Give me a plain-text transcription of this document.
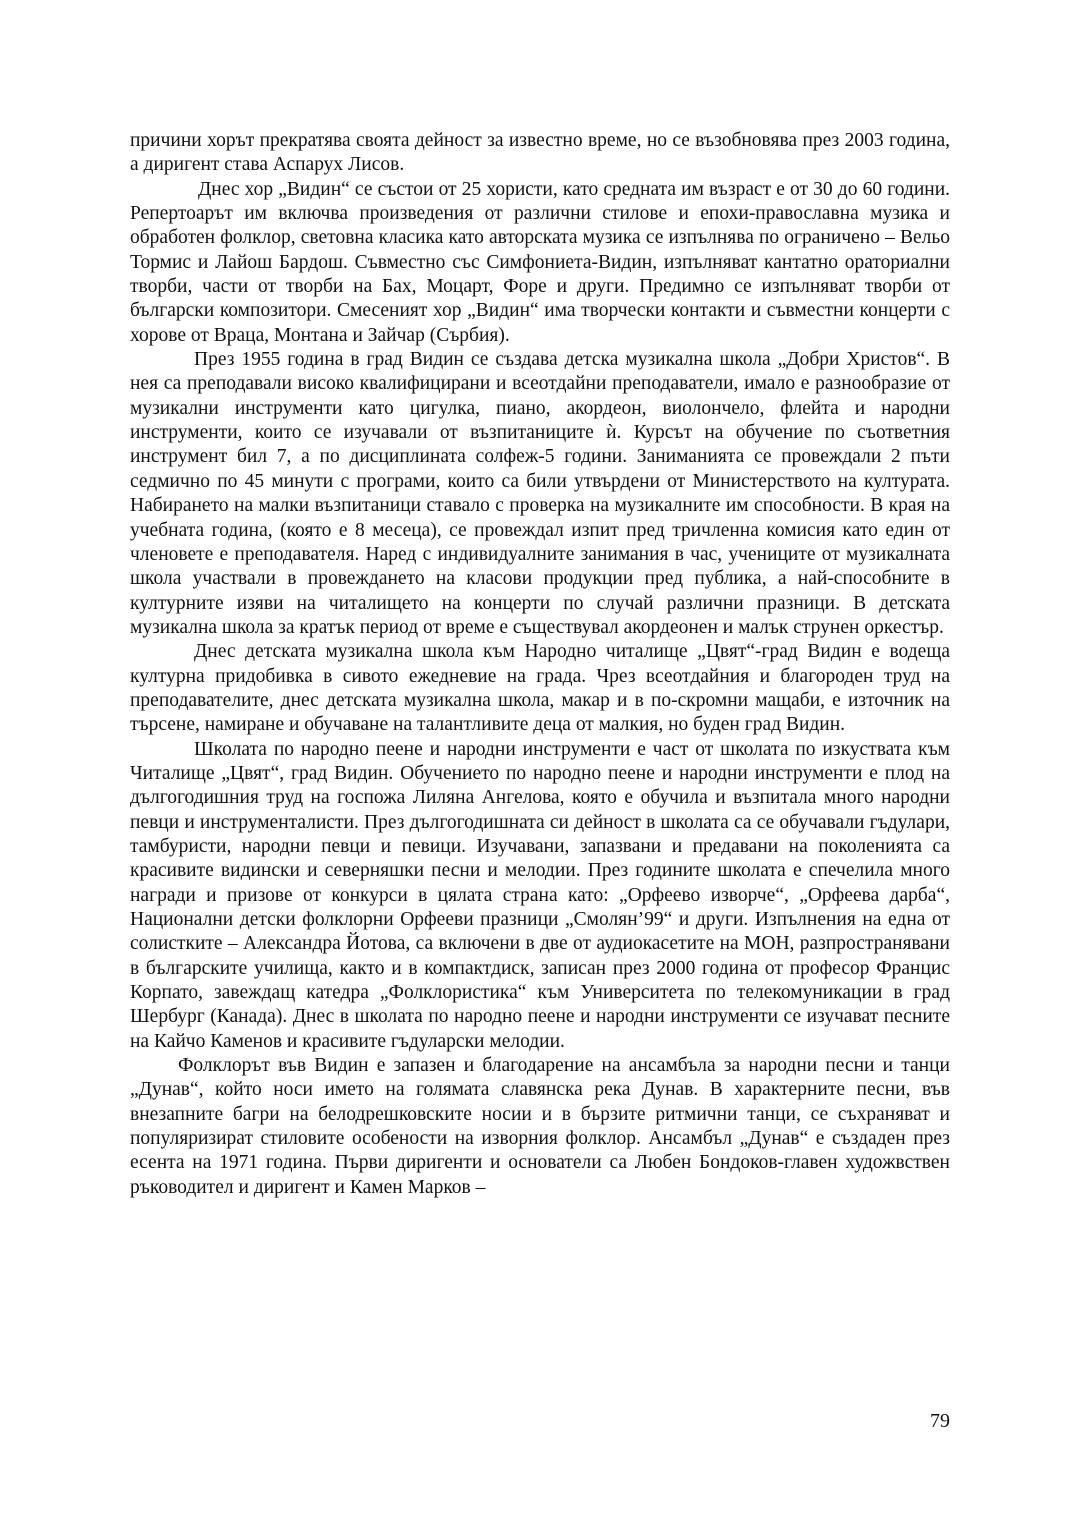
причини хорът прекратява своята дейност за известно време, но се възобновява през 2003 година, а диригент става Аспарух Лисов.

Днес хор „Видин“ се състои от 25 хористи, като средната им възраст е от 30 до 60 години. Репертоарът им включва произведения от различни стилове и епохи-православна музика и обработен фолклор, световна класика като авторската музика се изпълнява по ограничено – Вельо Тормис и Лайош Бардош. Съвместно със Симфониета-Видин, изпълняват кантатно ораториални творби, части от творби на Бах, Моцарт, Форе и други. Предимно се изпълняват творби от български композитори. Смесеният хор „Видин“ има творчески контакти и съвместни концерти с хорове от Враца, Монтана и Зайчар (Сърбия).

През 1955 година в град Видин се създава детска музикална школа „Добри Христов“. В нея са преподавали високо квалифицирани и всеотдайни преподаватели, имало е разнообразие от музикални инструменти като цигулка, пиано, акордеон, виолончело, флейта и народни инструменти, които се изучавали от възпитаниците ѝ. Курсът на обучение по съответния инструмент бил 7, а по дисциплината солфеж-5 години. Заниманията се провеждали 2 пъти седмично по 45 минути с програми, които са били утвърдени от Министерството на културата. Набирането на малки възпитаници ставало с проверка на музикалните им способности. В края на учебната година, (която е 8 месеца), се провеждал изпит пред тричленна комисия като един от членовете е преподавателя. Наред с индивидуалните занимания в час, учениците от музикалната школа участвали в провеждането на класови продукции пред публика, а най-способните в културните изяви на читалището на концерти по случай различни празници. В детската музикална школа за кратък период от време е съществувал акордеонен и малък струнен оркестър.

Днес детската музикална школа към Народно читалище „Цвят“-град Видин е водеща културна придобивка в сивото ежедневие на града. Чрез всеотдайния и благороден труд на преподавателите, днес детската музикална школа, макар и в по-скромни мащаби, е източник на търсене, намиране и обучаване на талантливите деца от малкия, но буден град Видин.

Школата по народно пеене и народни инструменти е част от школата по изкуствата към Читалище „Цвят“, град Видин. Обучението по народно пеене и народни инструменти е плод на дългогодишния труд на госпожа Лиляна Ангелова, която е обучила и възпитала много народни певци и инструменталисти. През дългогодишната си дейност в школата са се обучавали гъдулари, тамбуристи, народни певци и певици. Изучавани, запазвани и предавани на поколенията са красивите видински и северняшки песни и мелодии. През годините школата е спечелила много награди и призове от конкурси в цялата страна като: „Орфеево изворче“, „Орфеева дарба“, Национални детски фолклорни Орфееви празници „Смолян’99“ и други. Изпълнения на една от солистките – Александра Йотова, са включени в две от аудиокасетите на МОН, разпространявани в българските училища, както и в компактдиск, записан през 2000 година от професор Францис Корпато, завеждащ катедра „Фолклористика“ към Университета по телекомуникации в град Шербург (Канада). Днес в школата по народно пеене и народни инструменти се изучават песните на Кайчо Каменов и красивите гъдуларски мелодии.

Фолклорът във Видин е запазен и благодарение на ансамбъла за народни песни и танци „Дунав“, който носи името на голямата славянска река Дунав. В характерните песни, във внезапните багри на белодрешковските носии и в бързите ритмични танци, се съхраняват и популяризират стиловите особености на изворния фолклор. Ансамбъл „Дунав“ е създаден през есента на 1971 година. Първи диригенти и основатели са Любен Бондоков-главен художвствен ръководител и диригент и Камен Марков –

79
